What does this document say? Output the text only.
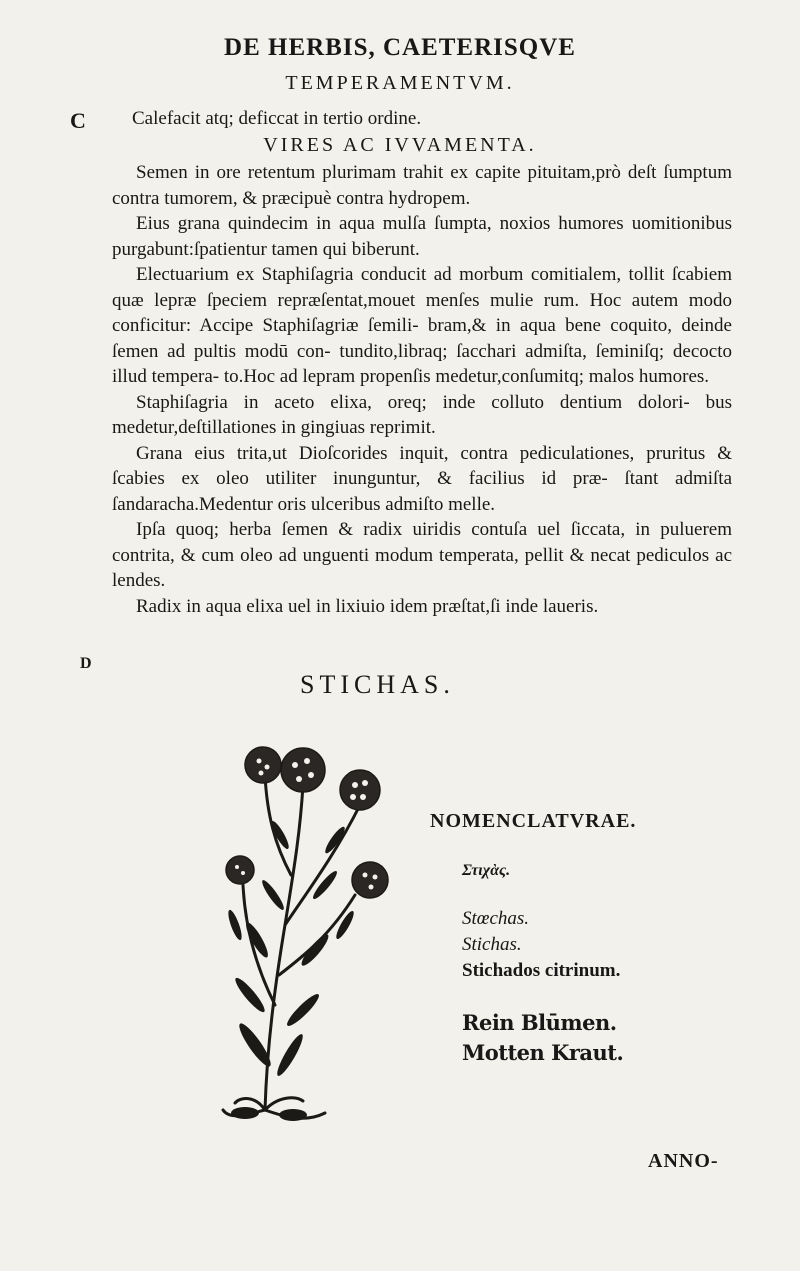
DE HERBIS, CAETERISQVE
TEMPERAMENTVM.
C Calefacit atq; deficcat in tertio ordine.

VIRES AC IVVAMENTA.

Semen in ore retentum plurimam trahit ex capite pituitam,prò deſt ſumptum contra tumorem, & præcipuè contra hydropem.

Eius grana quindecim in aqua mulſa ſumpta, noxios humores uomitionibus purgabunt:ſpatientur tamen qui biberunt.

Electuarium ex Staphiſagria conducit ad morbum comitialem, tollit ſcabiem quæ lepræ ſpeciem repræſentat,mouet menſes mulie rum. Hoc autem modo conficitur: Accipe Staphiſagriæ ſemili- bram,& in aqua bene coquito, deinde ſemen ad pultis modū con- tundito,libraq; ſacchari admiſta, ſeminiſq; decocto illud tempera- to.Hoc ad lepram propenſis medetur,conſumitq; malos humores.

Staphiſagria in aceto elixa, oreq; inde colluto dentium dolori- bus medetur,deſtillationes in gingiuas reprimit.

Grana eius trita,ut Dioſcorides inquit, contra pediculationes, pruritus & ſcabies ex oleo utiliter inunguntur, & facilius id præ- ſtant admiſta ſandaracha.Medentur oris ulceribus admiſto melle.

Ipſa quoq; herba ſemen & radix uiridis contuſa uel ſiccata, in puluerem contrita, & cum oleo ad unguenti modum temperata, pellit & necat pediculos ac lendes.

Radix in aqua elixa uel in lixiuio idem præſtat,ſi inde laueris.

D
STICHAS.
NOMENCLATVRAE.
Στιχὰς.
Stœchas.
Stichas.
Stichados citrinum.
Rein Blūmen.
Motten Kraut.
ANNO-
